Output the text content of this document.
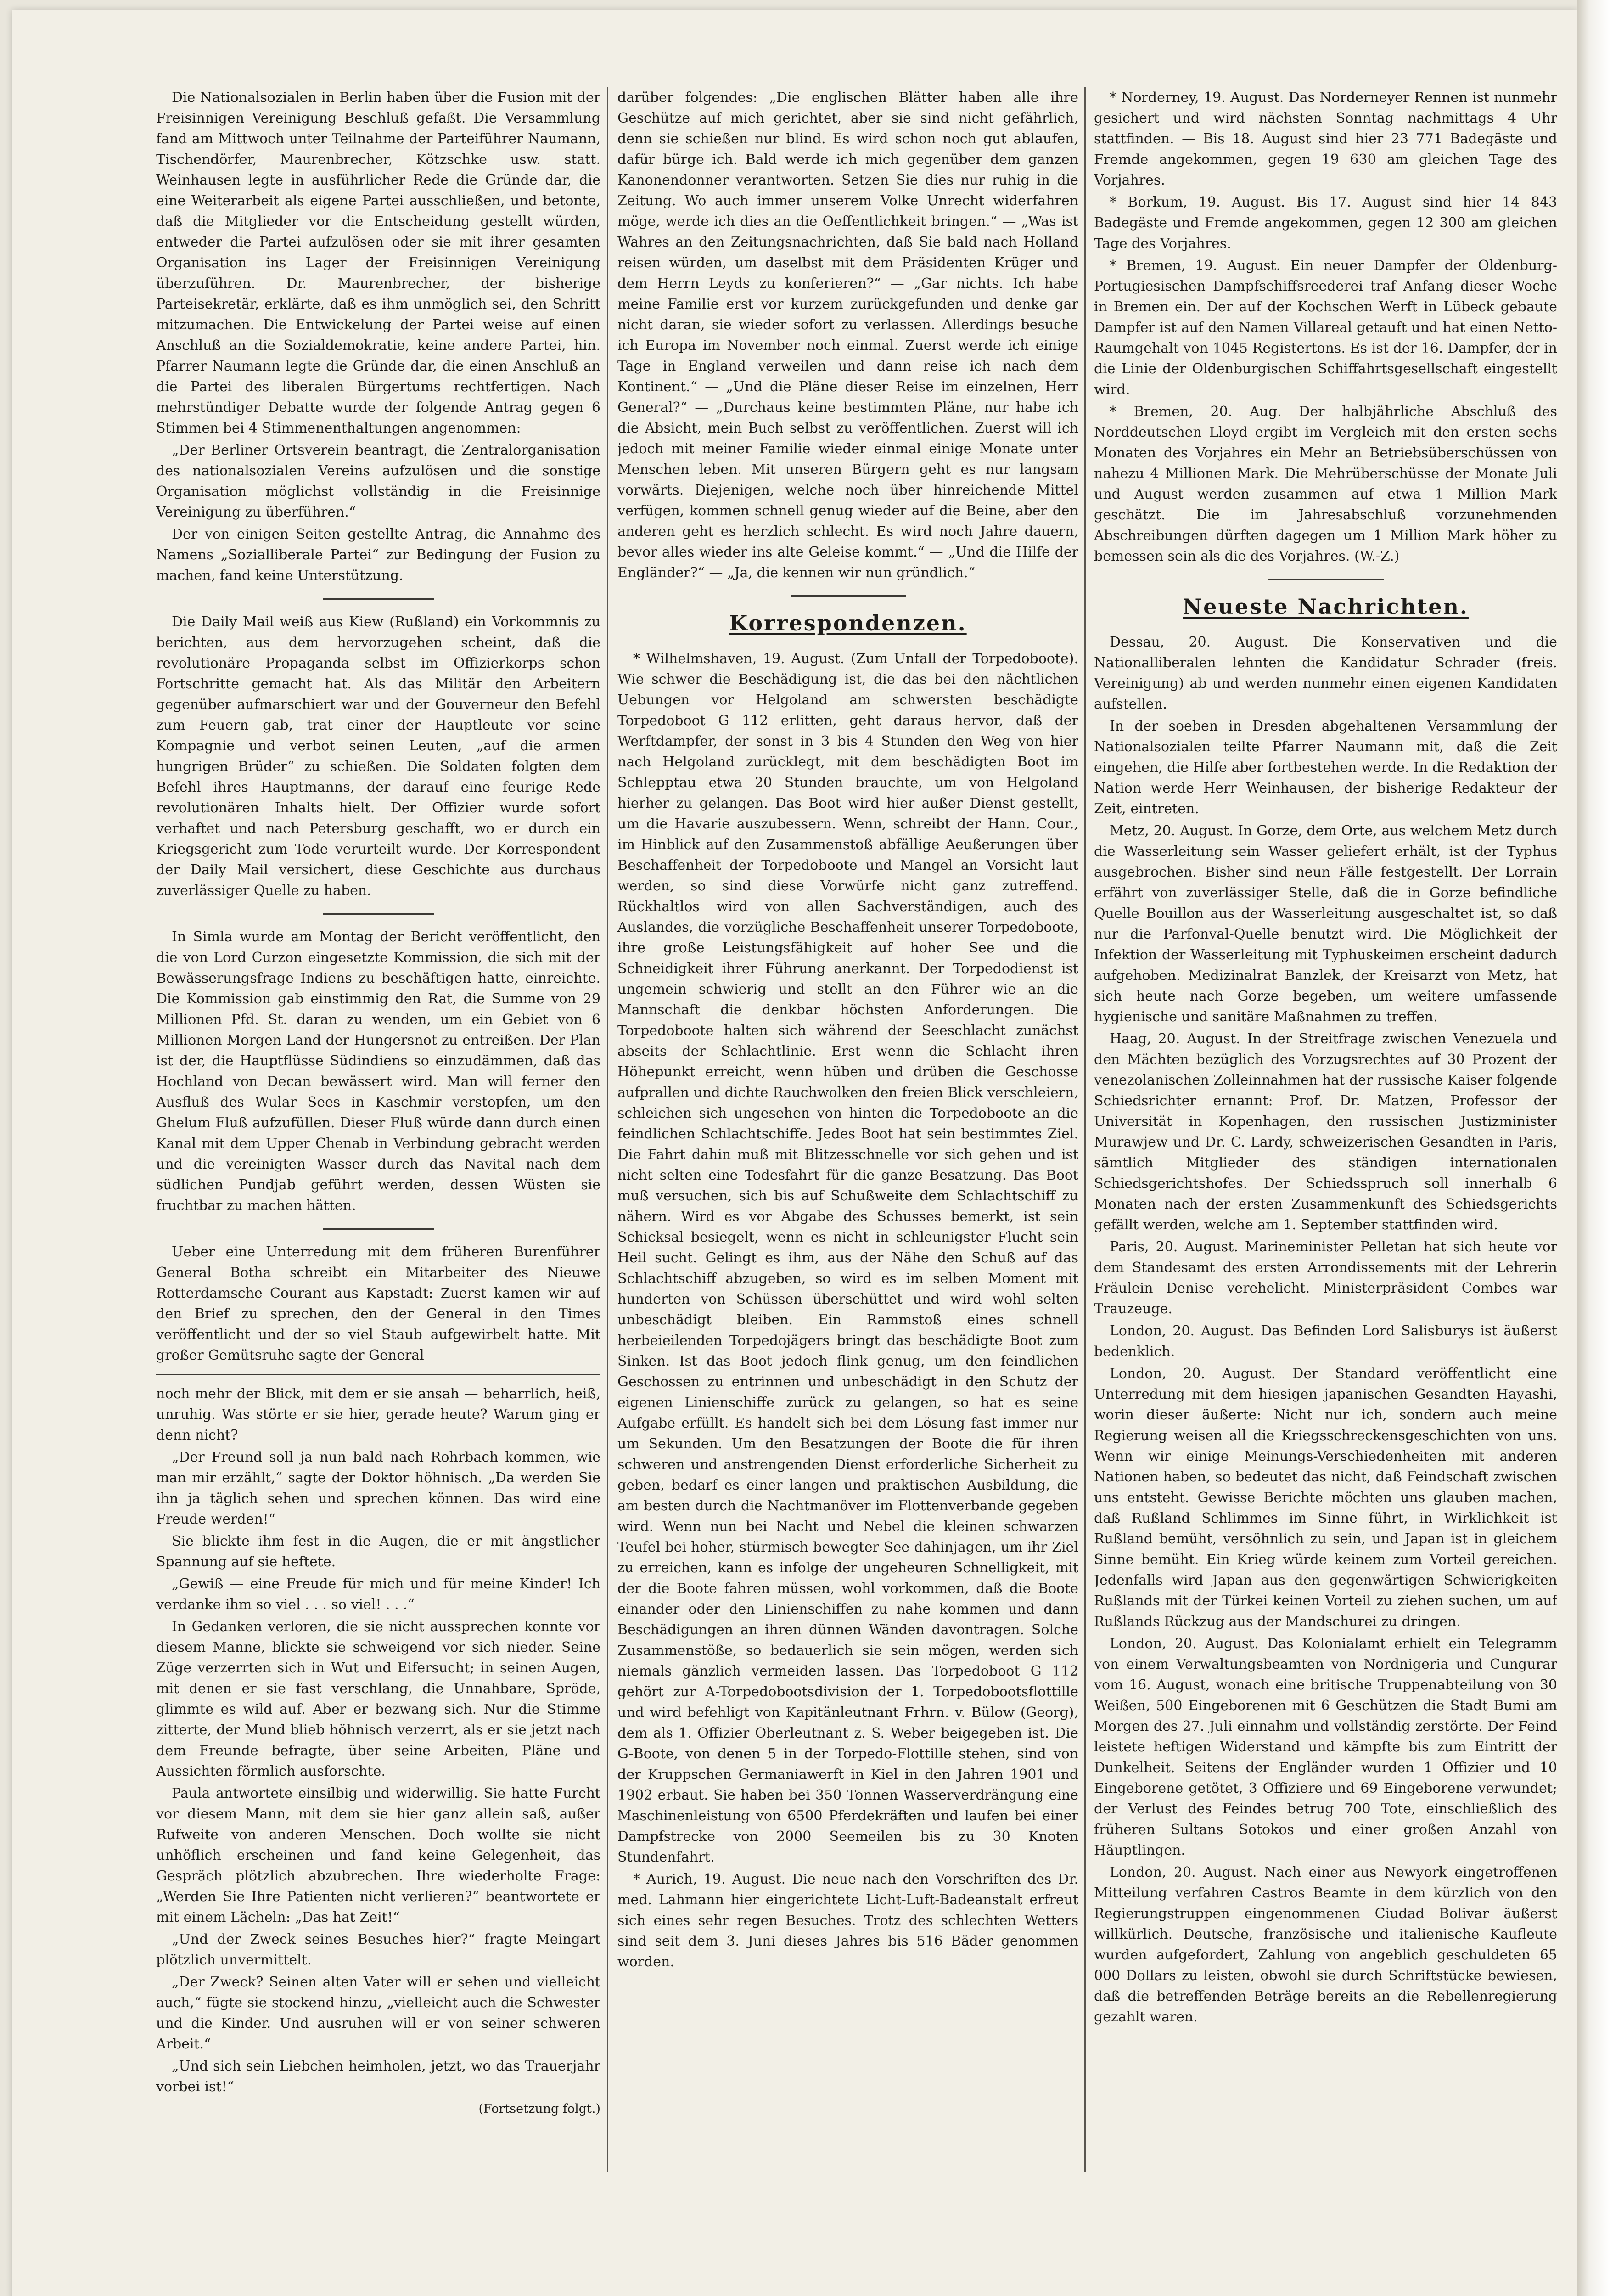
Die Nationalsozialen in Berlin haben über die Fusion mit der Freisinnigen Vereinigung Beschluß gefaßt. Die Versammlung fand am Mittwoch unter Teilnahme der Parteiführer Naumann, Tischendörfer, Maurenbrecher, Kötzschke usw. statt. Weinhausen legte in ausführlicher Rede die Gründe dar, die eine Weiterarbeit als eigene Partei ausschließen, und betonte, daß die Mitglieder vor die Entscheidung gestellt würden, entweder die Partei aufzulösen oder sie mit ihrer gesamten Organisation ins Lager der Freisinnigen Vereinigung überzuführen. Dr. Maurenbrecher, der bisherige Parteisekretär, erklärte, daß es ihm unmöglich sei, den Schritt mitzumachen. Die Entwickelung der Partei weise auf einen Anschluß an die Sozialdemokratie, keine andere Partei, hin. Pfarrer Naumann legte die Gründe dar, die einen Anschluß an die Partei des liberalen Bürgertums rechtfertigen. Nach mehrstündiger Debatte wurde der folgende Antrag gegen 6 Stimmen bei 4 Stimmenenthaltungen angenommen:

„Der Berliner Ortsverein beantragt, die Zentralorganisation des nationalsozialen Vereins aufzulösen und die sonstige Organisation möglichst vollständig in die Freisinnige Vereinigung zu überführen.“

Der von einigen Seiten gestellte Antrag, die Annahme des Namens „Sozialliberale Partei“ zur Bedingung der Fusion zu machen, fand keine Unterstützung.

Die Daily Mail weiß aus Kiew (Rußland) ein Vorkommnis zu berichten, aus dem hervorzugehen scheint, daß die revolutionäre Propaganda selbst im Offizierkorps schon Fortschritte gemacht hat. Als das Militär den Arbeitern gegenüber aufmarschiert war und der Gouverneur den Befehl zum Feuern gab, trat einer der Hauptleute vor seine Kompagnie und verbot seinen Leuten, „auf die armen hungrigen Brüder“ zu schießen. Die Soldaten folgten dem Befehl ihres Hauptmanns, der darauf eine feurige Rede revolutionären Inhalts hielt. Der Offizier wurde sofort verhaftet und nach Petersburg geschafft, wo er durch ein Kriegsgericht zum Tode verurteilt wurde. Der Korrespondent der Daily Mail versichert, diese Geschichte aus durchaus zuverlässiger Quelle zu haben.

In Simla wurde am Montag der Bericht veröffentlicht, den die von Lord Curzon eingesetzte Kommission, die sich mit der Bewässerungsfrage Indiens zu beschäftigen hatte, einreichte. Die Kommission gab einstimmig den Rat, die Summe von 29 Millionen Pfd. St. daran zu wenden, um ein Gebiet von 6 Millionen Morgen Land der Hungersnot zu entreißen. Der Plan ist der, die Hauptflüsse Südindiens so einzudämmen, daß das Hochland von Decan bewässert wird. Man will ferner den Ausfluß des Wular Sees in Kaschmir verstopfen, um den Ghelum Fluß aufzufüllen. Dieser Fluß würde dann durch einen Kanal mit dem Upper Chenab in Verbindung gebracht werden und die vereinigten Wasser durch das Navital nach dem südlichen Pundjab geführt werden, dessen Wüsten sie fruchtbar zu machen hätten.

Ueber eine Unterredung mit dem früheren Burenführer General Botha schreibt ein Mitarbeiter des Nieuwe Rotterdamsche Courant aus Kapstadt: Zuerst kamen wir auf den Brief zu sprechen, den der General in den Times veröffentlicht und der so viel Staub aufgewirbelt hatte. Mit großer Gemütsruhe sagte der General

noch mehr der Blick, mit dem er sie ansah — beharrlich, heiß, unruhig. Was störte er sie hier, gerade heute? Warum ging er denn nicht?

„Der Freund soll ja nun bald nach Rohrbach kommen, wie man mir erzählt,“ sagte der Doktor höhnisch. „Da werden Sie ihn ja täglich sehen und sprechen können. Das wird eine Freude werden!“

Sie blickte ihm fest in die Augen, die er mit ängstlicher Spannung auf sie heftete.

„Gewiß — eine Freude für mich und für meine Kinder! Ich verdanke ihm so viel . . . so viel! . . .“

In Gedanken verloren, die sie nicht aussprechen konnte vor diesem Manne, blickte sie schweigend vor sich nieder. Seine Züge verzerrten sich in Wut und Eifersucht; in seinen Augen, mit denen er sie fast verschlang, die Unnahbare, Spröde, glimmte es wild auf. Aber er bezwang sich. Nur die Stimme zitterte, der Mund blieb höhnisch verzerrt, als er sie jetzt nach dem Freunde befragte, über seine Arbeiten, Pläne und Aussichten förmlich ausforschte.

Paula antwortete einsilbig und widerwillig. Sie hatte Furcht vor diesem Mann, mit dem sie hier ganz allein saß, außer Rufweite von anderen Menschen. Doch wollte sie nicht unhöflich erscheinen und fand keine Gelegenheit, das Gespräch plötzlich abzubrechen. Ihre wiederholte Frage: „Werden Sie Ihre Patienten nicht verlieren?“ beantwortete er mit einem Lächeln: „Das hat Zeit!“

„Und der Zweck seines Besuches hier?“ fragte Meingart plötzlich unvermittelt.

„Der Zweck? Seinen alten Vater will er sehen und vielleicht auch,“ fügte sie stockend hinzu, „vielleicht auch die Schwester und die Kinder. Und ausruhen will er von seiner schweren Arbeit.“

„Und sich sein Liebchen heimholen, jetzt, wo das Trauerjahr vorbei ist!“

(Fortsetzung folgt.)

darüber folgendes: „Die englischen Blätter haben alle ihre Geschütze auf mich gerichtet, aber sie sind nicht gefährlich, denn sie schießen nur blind. Es wird schon noch gut ablaufen, dafür bürge ich. Bald werde ich mich gegenüber dem ganzen Kanonendonner verantworten. Setzen Sie dies nur ruhig in die Zeitung. Wo auch immer unserem Volke Unrecht widerfahren möge, werde ich dies an die Oeffentlichkeit bringen.“ — „Was ist Wahres an den Zeitungsnachrichten, daß Sie bald nach Holland reisen würden, um daselbst mit dem Präsidenten Krüger und dem Herrn Leyds zu konferieren?“ — „Gar nichts. Ich habe meine Familie erst vor kurzem zurückgefunden und denke gar nicht daran, sie wieder sofort zu verlassen. Allerdings besuche ich Europa im November noch einmal. Zuerst werde ich einige Tage in England verweilen und dann reise ich nach dem Kontinent.“ — „Und die Pläne dieser Reise im einzelnen, Herr General?“ — „Durchaus keine bestimmten Pläne, nur habe ich die Absicht, mein Buch selbst zu veröffentlichen. Zuerst will ich jedoch mit meiner Familie wieder einmal einige Monate unter Menschen leben. Mit unseren Bürgern geht es nur langsam vorwärts. Diejenigen, welche noch über hinreichende Mittel verfügen, kommen schnell genug wieder auf die Beine, aber den anderen geht es herzlich schlecht. Es wird noch Jahre dauern, bevor alles wieder ins alte Geleise kommt.“ — „Und die Hilfe der Engländer?“ — „Ja, die kennen wir nun gründlich.“

Korrespondenzen.

* Wilhelmshaven, 19. August. (Zum Unfall der Torpedoboote). Wie schwer die Beschädigung ist, die das bei den nächtlichen Uebungen vor Helgoland am schwersten beschädigte Torpedoboot G 112 erlitten, geht daraus hervor, daß der Werftdampfer, der sonst in 3 bis 4 Stunden den Weg von hier nach Helgoland zurücklegt, mit dem beschädigten Boot im Schlepptau etwa 20 Stunden brauchte, um von Helgoland hierher zu gelangen. Das Boot wird hier außer Dienst gestellt, um die Havarie auszubessern. Wenn, schreibt der Hann. Cour., im Hinblick auf den Zusammenstoß abfällige Aeußerungen über Beschaffenheit der Torpedoboote und Mangel an Vorsicht laut werden, so sind diese Vorwürfe nicht ganz zutreffend. Rückhaltlos wird von allen Sachverständigen, auch des Auslandes, die vorzügliche Beschaffenheit unserer Torpedoboote, ihre große Leistungsfähigkeit auf hoher See und die Schneidigkeit ihrer Führung anerkannt. Der Torpedodienst ist ungemein schwierig und stellt an den Führer wie an die Mannschaft die denkbar höchsten Anforderungen. Die Torpedoboote halten sich während der Seeschlacht zunächst abseits der Schlachtlinie. Erst wenn die Schlacht ihren Höhepunkt erreicht, wenn hüben und drüben die Geschosse aufprallen und dichte Rauchwolken den freien Blick verschleiern, schleichen sich ungesehen von hinten die Torpedoboote an die feindlichen Schlachtschiffe. Jedes Boot hat sein bestimmtes Ziel. Die Fahrt dahin muß mit Blitzesschnelle vor sich gehen und ist nicht selten eine Todesfahrt für die ganze Besatzung. Das Boot muß versuchen, sich bis auf Schußweite dem Schlachtschiff zu nähern. Wird es vor Abgabe des Schusses bemerkt, ist sein Schicksal besiegelt, wenn es nicht in schleunigster Flucht sein Heil sucht. Gelingt es ihm, aus der Nähe den Schuß auf das Schlachtschiff abzugeben, so wird es im selben Moment mit hunderten von Schüssen überschüttet und wird wohl selten unbeschädigt bleiben. Ein Rammstoß eines schnell herbeieilenden Torpedojägers bringt das beschädigte Boot zum Sinken. Ist das Boot jedoch flink genug, um den feindlichen Geschossen zu entrinnen und unbeschädigt in den Schutz der eigenen Linienschiffe zurück zu gelangen, so hat es seine Aufgabe erfüllt. Es handelt sich bei dem Lösung fast immer nur um Sekunden. Um den Besatzungen der Boote die für ihren schweren und anstrengenden Dienst erforderliche Sicherheit zu geben, bedarf es einer langen und praktischen Ausbildung, die am besten durch die Nachtmanöver im Flottenverbande gegeben wird. Wenn nun bei Nacht und Nebel die kleinen schwarzen Teufel bei hoher, stürmisch bewegter See dahinjagen, um ihr Ziel zu erreichen, kann es infolge der ungeheuren Schnelligkeit, mit der die Boote fahren müssen, wohl vorkommen, daß die Boote einander oder den Linienschiffen zu nahe kommen und dann Beschädigungen an ihren dünnen Wänden davontragen. Solche Zusammenstöße, so bedauerlich sie sein mögen, werden sich niemals gänzlich vermeiden lassen. Das Torpedoboot G 112 gehört zur A-Torpedobootsdivision der 1. Torpedobootsflottille und wird befehligt von Kapitänleutnant Frhrn. v. Bülow (Georg), dem als 1. Offizier Oberleutnant z. S. Weber beigegeben ist. Die G-Boote, von denen 5 in der Torpedo-Flottille stehen, sind von der Kruppschen Germaniawerft in Kiel in den Jahren 1901 und 1902 erbaut. Sie haben bei 350 Tonnen Wasserverdrängung eine Maschinenleistung von 6500 Pferdekräften und laufen bei einer Dampfstrecke von 2000 Seemeilen bis zu 30 Knoten Stundenfahrt.

* Aurich, 19. August. Die neue nach den Vorschriften des Dr. med. Lahmann hier eingerichtete Licht-Luft-Badeanstalt erfreut sich eines sehr regen Besuches. Trotz des schlechten Wetters sind seit dem 3. Juni dieses Jahres bis 516 Bäder genommen worden.

* Norderney, 19. August. Das Norderneyer Rennen ist nunmehr gesichert und wird nächsten Sonntag nachmittags 4 Uhr stattfinden. — Bis 18. August sind hier 23 771 Badegäste und Fremde angekommen, gegen 19 630 am gleichen Tage des Vorjahres.

* Borkum, 19. August. Bis 17. August sind hier 14 843 Badegäste und Fremde angekommen, gegen 12 300 am gleichen Tage des Vorjahres.

* Bremen, 19. August. Ein neuer Dampfer der Oldenburg-Portugiesischen Dampfschiffsreederei traf Anfang dieser Woche in Bremen ein. Der auf der Kochschen Werft in Lübeck gebaute Dampfer ist auf den Namen Villareal getauft und hat einen Netto-Raumgehalt von 1045 Registertons. Es ist der 16. Dampfer, der in die Linie der Oldenburgischen Schiffahrtsgesellschaft eingestellt wird.

* Bremen, 20. Aug. Der halbjährliche Abschluß des Norddeutschen Lloyd ergibt im Vergleich mit den ersten sechs Monaten des Vorjahres ein Mehr an Betriebsüberschüssen von nahezu 4 Millionen Mark. Die Mehrüberschüsse der Monate Juli und August werden zusammen auf etwa 1 Million Mark geschätzt. Die im Jahresabschluß vorzunehmenden Abschreibungen dürften dagegen um 1 Million Mark höher zu bemessen sein als die des Vorjahres. (W.-Z.)

Neueste Nachrichten.

Dessau, 20. August. Die Konservativen und die Nationalliberalen lehnten die Kandidatur Schrader (freis. Vereinigung) ab und werden nunmehr einen eigenen Kandidaten aufstellen.

In der soeben in Dresden abgehaltenen Versammlung der Nationalsozialen teilte Pfarrer Naumann mit, daß die Zeit eingehen, die Hilfe aber fortbestehen werde. In die Redaktion der Nation werde Herr Weinhausen, der bisherige Redakteur der Zeit, eintreten.

Metz, 20. August. In Gorze, dem Orte, aus welchem Metz durch die Wasserleitung sein Wasser geliefert erhält, ist der Typhus ausgebrochen. Bisher sind neun Fälle festgestellt. Der Lorrain erfährt von zuverlässiger Stelle, daß die in Gorze befindliche Quelle Bouillon aus der Wasserleitung ausgeschaltet ist, so daß nur die Parfonval-Quelle benutzt wird. Die Möglichkeit der Infektion der Wasserleitung mit Typhuskeimen erscheint dadurch aufgehoben. Medizinalrat Banzlek, der Kreisarzt von Metz, hat sich heute nach Gorze begeben, um weitere umfassende hygienische und sanitäre Maßnahmen zu treffen.

Haag, 20. August. In der Streitfrage zwischen Venezuela und den Mächten bezüglich des Vorzugsrechtes auf 30 Prozent der venezolanischen Zolleinnahmen hat der russische Kaiser folgende Schiedsrichter ernannt: Prof. Dr. Matzen, Professor der Universität in Kopenhagen, den russischen Justizminister Murawjew und Dr. C. Lardy, schweizerischen Gesandten in Paris, sämtlich Mitglieder des ständigen internationalen Schiedsgerichtshofes. Der Schiedsspruch soll innerhalb 6 Monaten nach der ersten Zusammenkunft des Schiedsgerichts gefällt werden, welche am 1. September stattfinden wird.

Paris, 20. August. Marineminister Pelletan hat sich heute vor dem Standesamt des ersten Arrondissements mit der Lehrerin Fräulein Denise verehelicht. Ministerpräsident Combes war Trauzeuge.

London, 20. August. Das Befinden Lord Salisburys ist äußerst bedenklich.

London, 20. August. Der Standard veröffentlicht eine Unterredung mit dem hiesigen japanischen Gesandten Hayashi, worin dieser äußerte: Nicht nur ich, sondern auch meine Regierung weisen all die Kriegsschreckensgeschichten von uns. Wenn wir einige Meinungs-Verschiedenheiten mit anderen Nationen haben, so bedeutet das nicht, daß Feindschaft zwischen uns entsteht. Gewisse Berichte möchten uns glauben machen, daß Rußland Schlimmes im Sinne führt, in Wirklichkeit ist Rußland bemüht, versöhnlich zu sein, und Japan ist in gleichem Sinne bemüht. Ein Krieg würde keinem zum Vorteil gereichen. Jedenfalls wird Japan aus den gegenwärtigen Schwierigkeiten Rußlands mit der Türkei keinen Vorteil zu ziehen suchen, um auf Rußlands Rückzug aus der Mandschurei zu dringen.

London, 20. August. Das Kolonialamt erhielt ein Telegramm von einem Verwaltungsbeamten von Nordnigeria und Cungurar vom 16. August, wonach eine britische Truppenabteilung von 30 Weißen, 500 Eingeborenen mit 6 Geschützen die Stadt Bumi am Morgen des 27. Juli einnahm und vollständig zerstörte. Der Feind leistete heftigen Widerstand und kämpfte bis zum Eintritt der Dunkelheit. Seitens der Engländer wurden 1 Offizier und 10 Eingeborene getötet, 3 Offiziere und 69 Eingeborene verwundet; der Verlust des Feindes betrug 700 Tote, einschließlich des früheren Sultans Sotokos und einer großen Anzahl von Häuptlingen.

London, 20. August. Nach einer aus Newyork eingetroffenen Mitteilung verfahren Castros Beamte in dem kürzlich von den Regierungstruppen eingenommenen Ciudad Bolivar äußerst willkürlich. Deutsche, französische und italienische Kaufleute wurden aufgefordert, Zahlung von angeblich geschuldeten 65 000 Dollars zu leisten, obwohl sie durch Schriftstücke bewiesen, daß die betreffenden Beträge bereits an die Rebellenregierung gezahlt waren.
